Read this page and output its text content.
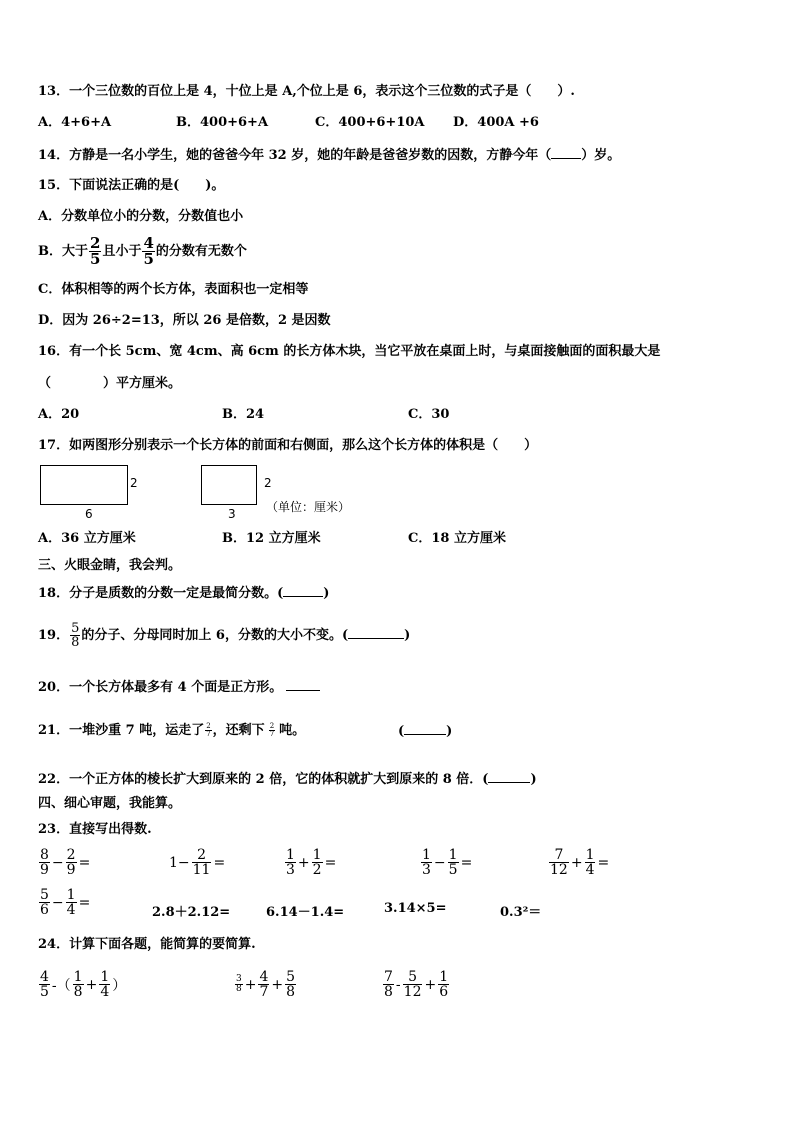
13．一个三位数的百位上是 4，十位上是 A,个位上是 6，表示这个三位数的式子是（　　）.
A．4+6+A	B．400+6+A	C．400+6+10A D．400A +6
14．方静是一名小学生，她的爸爸今年 32 岁，她的年龄是爸爸岁数的因数，方静今年（ ）岁。
15．下面说法正确的是(　　)。
A．分数单位小的分数，分数值也小
B．大于 $\frac{2}{5}$ 且小于 $\frac{4}{5}$ 的分数有无数个
C．体积相等的两个长方体，表面积也一定相等
D．因为 26÷2=13，所以 26 是倍数，2 是因数
16．有一个长 5cm、宽 4cm、高 6cm 的长方体木块，当它平放在桌面上时，与桌面接触面的面积最大是
（　　　　）平方厘米。
A．20	B．24	C．30
17．如两图形分别表示一个长方体的前面和右侧面，那么这个长方体的体积是（　　）
2
6
2
3	（单位：厘米）
A．36 立方厘米	B．12 立方厘米	C．18 立方厘米
三、火眼金睛，我会判。
18．分子是质数的分数一定是最简分数。(	)
19． $\frac{5}{8}$ 的分子、分母同时加上 6，分数的大小不变。(	)
20．一个长方体最多有 4 个面是正方形。
21．一堆沙重 7 吨，运走了 $\frac{2}{7}$ ，还剩下 $\frac{2}{7}$ 吨。	(	)
22．一个正方体的棱长扩大到原来的 2 倍，它的体积就扩大到原来的 8 倍．(	)
四、细心审题，我能算。
23．直接写出得数.
$\frac{8}{9} - \frac{2}{9}$ =	$1- \frac{2}{11}$ =	$\frac{1}{3} + \frac{1}{2}$ =	$\frac{1}{3} - \frac{1}{5}$ =	$\frac{7}{12} + \frac{1}{4}$ =
$\frac{5}{6} - \frac{1}{4}$ =
2.8＋2.12=	6.14－1.4=	3.14×5=	0.3²＝
24．计算下面各题，能简算的要简算.
$\frac{4}{5}$ -（ $\frac{1}{8} + \frac{1}{4}$ ）	$\frac{3}{8} + \frac{4}{7} + \frac{5}{8}$	$\frac{7}{8} - \frac{5}{12} + \frac{1}{6}$
